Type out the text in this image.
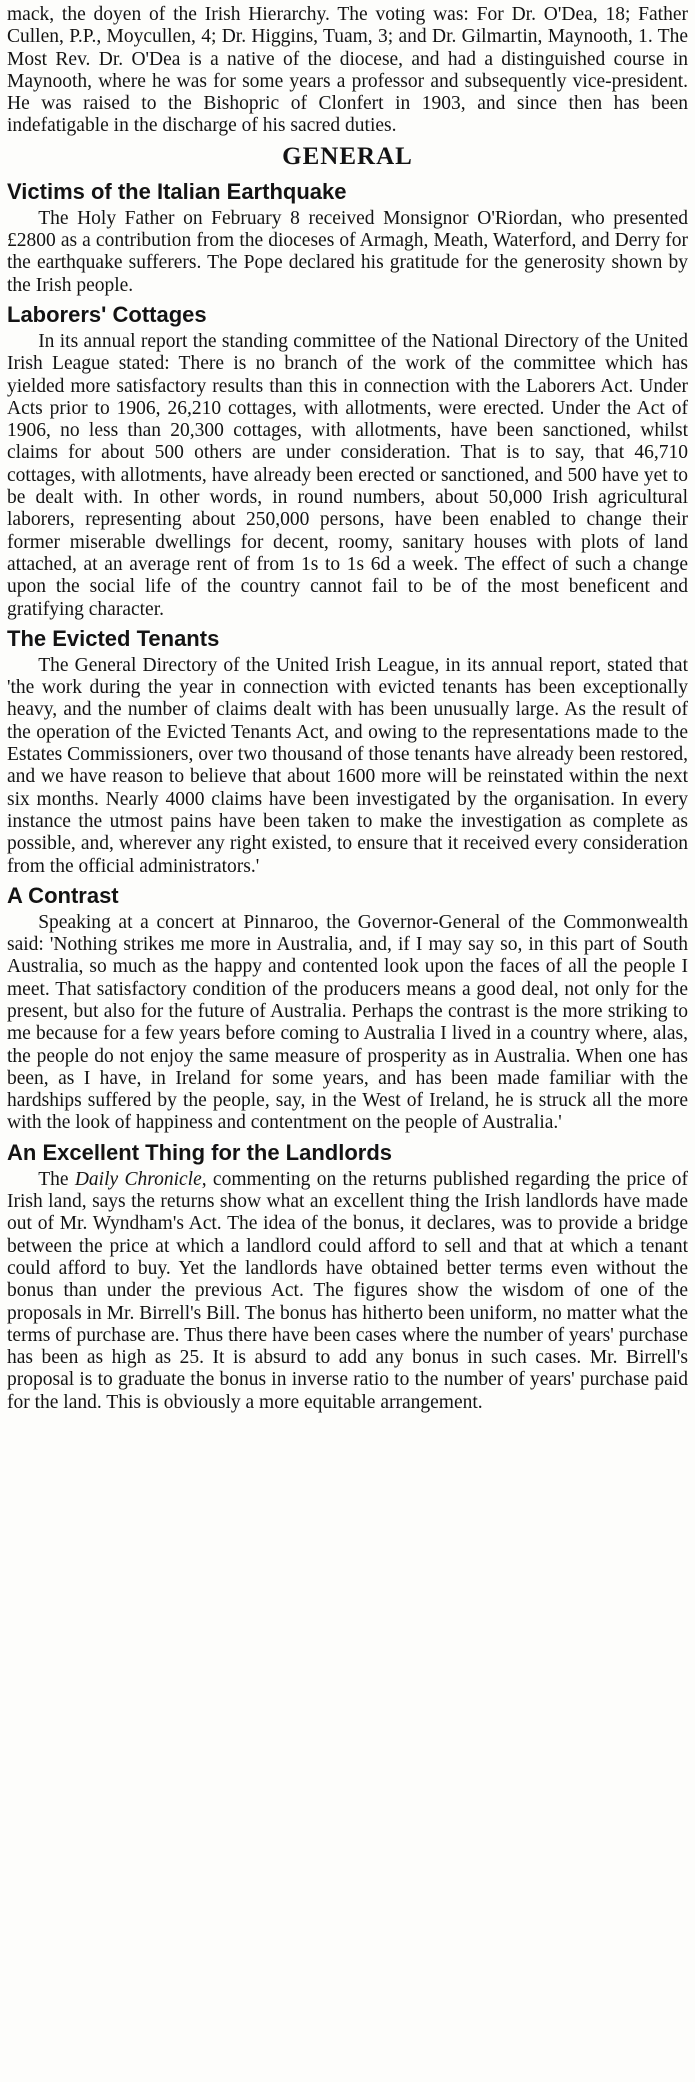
mack, the doyen of the Irish Hierarchy. The voting was: For Dr. O'Dea, 18; Father Cullen, P.P., Moycullen, 4; Dr. Higgins, Tuam, 3; and Dr. Gilmartin, Maynooth, 1. The Most Rev. Dr. O'Dea is a native of the diocese, and had a distinguished course in Maynooth, where he was for some years a professor and subsequently vice-president. He was raised to the Bishopric of Clonfert in 1903, and since then has been indefatigable in the discharge of his sacred duties.

GENERAL
Victims of the Italian Earthquake

The Holy Father on February 8 received Monsignor O'Riordan, who presented £2800 as a contribution from the dioceses of Armagh, Meath, Waterford, and Derry for the earthquake sufferers. The Pope declared his gratitude for the generosity shown by the Irish people.

Laborers' Cottages

In its annual report the standing committee of the National Directory of the United Irish League stated: There is no branch of the work of the committee which has yielded more satisfactory results than this in connection with the Laborers Act. Under Acts prior to 1906, 26,210 cottages, with allotments, were erected. Under the Act of 1906, no less than 20,300 cottages, with allotments, have been sanctioned, whilst claims for about 500 others are under consideration. That is to say, that 46,710 cottages, with allotments, have already been erected or sanctioned, and 500 have yet to be dealt with. In other words, in round numbers, about 50,000 Irish agricultural laborers, representing about 250,000 persons, have been enabled to change their former miserable dwellings for decent, roomy, sanitary houses with plots of land attached, at an average rent of from 1s to 1s 6d a week. The effect of such a change upon the social life of the country cannot fail to be of the most beneficent and gratifying character.

The Evicted Tenants

The General Directory of the United Irish League, in its annual report, stated that 'the work during the year in connection with evicted tenants has been exceptionally heavy, and the number of claims dealt with has been unusually large. As the result of the operation of the Evicted Tenants Act, and owing to the representations made to the Estates Commissioners, over two thousand of those tenants have already been restored, and we have reason to believe that about 1600 more will be reinstated within the next six months. Nearly 4000 claims have been investigated by the organisation. In every instance the utmost pains have been taken to make the investigation as complete as possible, and, wherever any right existed, to ensure that it received every consideration from the official administrators.'

A Contrast

Speaking at a concert at Pinnaroo, the Governor-General of the Commonwealth said: 'Nothing strikes me more in Australia, and, if I may say so, in this part of South Australia, so much as the happy and contented look upon the faces of all the people I meet. That satisfactory condition of the producers means a good deal, not only for the present, but also for the future of Australia. Perhaps the contrast is the more striking to me because for a few years before coming to Australia I lived in a country where, alas, the people do not enjoy the same measure of prosperity as in Australia. When one has been, as I have, in Ireland for some years, and has been made familiar with the hardships suffered by the people, say, in the West of Ireland, he is struck all the more with the look of happiness and contentment on the people of Australia.'

An Excellent Thing for the Landlords

The Daily Chronicle, commenting on the returns published regarding the price of Irish land, says the returns show what an excellent thing the Irish landlords have made out of Mr. Wyndham's Act. The idea of the bonus, it declares, was to provide a bridge between the price at which a landlord could afford to sell and that at which a tenant could afford to buy. Yet the landlords have obtained better terms even without the bonus than under the previous Act. The figures show the wisdom of one of the proposals in Mr. Birrell's Bill. The bonus has hitherto been uniform, no matter what the terms of purchase are. Thus there have been cases where the number of years' purchase has been as high as 25. It is absurd to add any bonus in such cases. Mr. Birrell's proposal is to graduate the bonus in inverse ratio to the number of years' purchase paid for the land. This is obviously a more equitable arrangement.
